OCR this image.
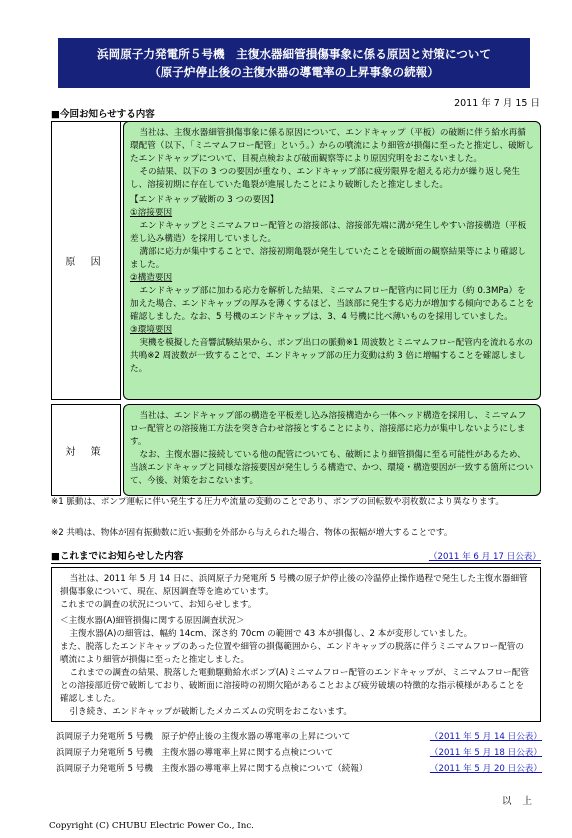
浜岡原子力発電所５号機　主復水器細管損傷事象に係る原因と対策について
（原子炉停止後の主復水器の導電率の上昇事象の続報）
2011 年 7 月 15 日
■今回お知らせする内容
原 因

当社は、主復水器細管損傷事象に係る原因について、エンドキャップ（平板）の破断に伴う給水再循環配管（以下、「ミニマムフロー配管」という。）からの噴流により細管が損傷に至ったと推定し、破断したエンドキャップについて、目視点検および破面観察等により原因究明をおこないました。

その結果、以下の 3 つの要因が重なり、エンドキャップ部に疲労限界を超える応力が繰り返し発生し、溶接初期に存在していた亀裂が進展したことにより破断したと推定しました。

【エンドキャップ破断の 3 つの要因】

①溶接要因

エンドキャップとミニマムフロー配管との溶接部は、溶接部先端に溝が発生しやすい溶接構造（平板差し込み構造）を採用していました。

溝部に応力が集中することで、溶接初期亀裂が発生していたことを破断面の観察結果等により確認しました。

②構造要因

エンドキャップ部に加わる応力を解析した結果、ミニマムフロー配管内に同じ圧力（約 0.3MPa）を加えた場合、エンドキャップの厚みを薄くするほど、当該部に発生する応力が増加する傾向であることを確認しました。なお、5 号機のエンドキャップは、3、4 号機に比べ薄いものを採用していました。

③環境要因

実機を模擬した音響試験結果から、ポンプ出口の脈動※1 周波数とミニマムフロー配管内を流れる水の共鳴※2 周波数が一致することで、エンドキャップ部の圧力変動は約 3 倍に増幅することを確認しました。

対 策

当社は、エンドキャップ部の構造を平板差し込み溶接構造から一体ヘッド構造を採用し、ミニマムフロー配管との溶接施工方法を突き合わせ溶接とすることにより、溶接部に応力が集中しないようにします。

なお、主復水器に接続している他の配管についても、破断により細管損傷に至る可能性があるため、当該エンドキャップと同様な溶接要因が発生しうる構造で、かつ、環境・構造要因が一致する箇所について、今後、対策をおこないます。

※1 脈動は、ポンプ運転に伴い発生する圧力や流量の変動のことであり、ポンプの回転数や羽枚数により異なります。
※2 共鳴は、物体が固有振動数に近い振動を外部から与えられた場合、物体の振幅が増大することです。
■これまでにお知らせした内容	（2011 年 6 月 17 日公表）

当社は、2011 年 5 月 14 日に、浜岡原子力発電所 5 号機の原子炉停止後の冷温停止操作過程で発生した主復水器細管損傷事象について、現在、原因調査等を進めています。

これまでの調査の状況について、お知らせします。

＜主復水器(A)細管損傷に関する原因調査状況＞

主復水器(A)の細管は、幅約 14cm、深さ約 70cm の範囲で 43 本が損傷し、2 本が変形していました。

また、脱落したエンドキャップのあった位置や細管の損傷範囲から、エンドキャップの脱落に伴うミニマムフロー配管の噴流により細管が損傷に至ったと推定しました。

これまでの調査の結果、脱落した電動駆動給水ポンプ(A)ミニマムフロー配管のエンドキャップが、ミニマムフロー配管との溶接部近傍で破断しており、破断面に溶接時の初期欠陥があることおよび疲労破壊の特徴的な指示模様があることを確認しました。

引き続き、エンドキャップが破断したメカニズムの究明をおこないます。

浜岡原子力発電所 5 号機　原子炉停止後の主復水器の導電率の上昇について	（2011 年 5 月 14 日公表）
浜岡原子力発電所 5 号機　主復水器の導電率上昇に関する点検について	（2011 年 5 月 18 日公表）
浜岡原子力発電所 5 号機　主復水器の導電率上昇に関する点検について（続報）	（2011 年 5 月 20 日公表）
以 上
Copyright (C) CHUBU Electric Power Co., Inc.
